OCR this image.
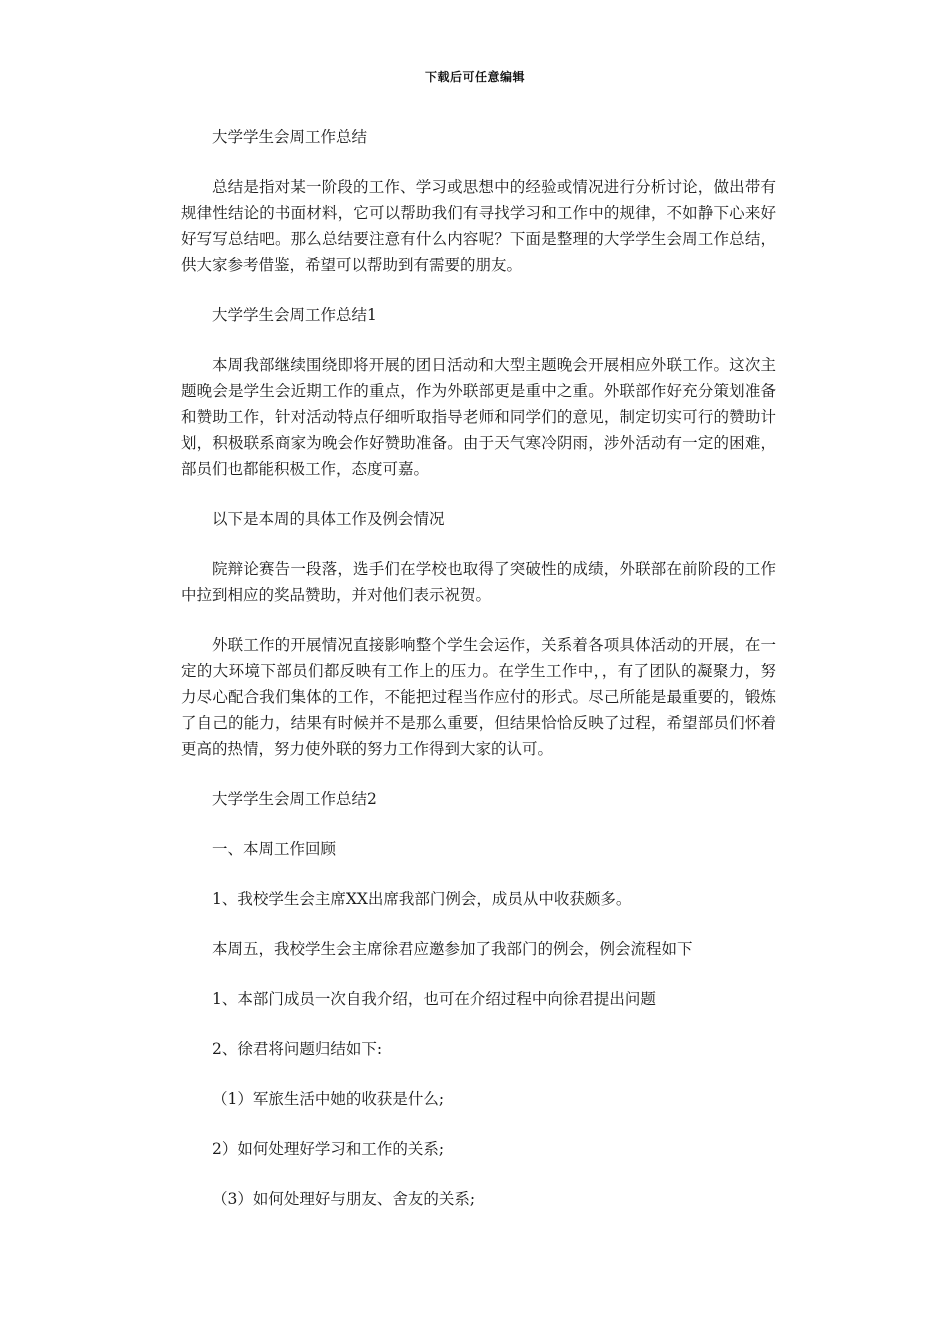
下载后可任意编辑

大学学生会周工作总结

总结是指对某一阶段的工作、学习或思想中的经验或情况进行分析讨论，做出带有规律性结论的书面材料，它可以帮助我们有寻找学习和工作中的规律，不如静下心来好好写写总结吧。那么总结要注意有什么内容呢？下面是整理的大学学生会周工作总结，供大家参考借鉴，希望可以帮助到有需要的朋友。

大学学生会周工作总结1

本周我部继续围绕即将开展的团日活动和大型主题晚会开展相应外联工作。这次主题晚会是学生会近期工作的重点，作为外联部更是重中之重。外联部作好充分策划准备和赞助工作，针对活动特点仔细听取指导老师和同学们的意见，制定切实可行的赞助计划，积极联系商家为晚会作好赞助准备。由于天气寒冷阴雨，涉外活动有一定的困难，部员们也都能积极工作，态度可嘉。

以下是本周的具体工作及例会情况

院辩论赛告一段落，选手们在学校也取得了突破性的成绩，外联部在前阶段的工作中拉到相应的奖品赞助，并对他们表示祝贺。

外联工作的开展情况直接影响整个学生会运作，关系着各项具体活动的开展，在一定的大环境下部员们都反映有工作上的压力。在学生工作中，，有了团队的凝聚力，努力尽心配合我们集体的工作，不能把过程当作应付的形式。尽己所能是最重要的，锻炼了自己的能力，结果有时候并不是那么重要，但结果恰恰反映了过程，希望部员们怀着更高的热情，努力使外联的努力工作得到大家的认可。

大学学生会周工作总结2

一、本周工作回顾

1、我校学生会主席XX出席我部门例会，成员从中收获颇多。

本周五，我校学生会主席徐君应邀参加了我部门的例会，例会流程如下

1、本部门成员一次自我介绍，也可在介绍过程中向徐君提出问题

2、徐君将问题归结如下:

（1）军旅生活中她的收获是什么;

2）如何处理好学习和工作的关系;

（3）如何处理好与朋友、舍友的关系;
